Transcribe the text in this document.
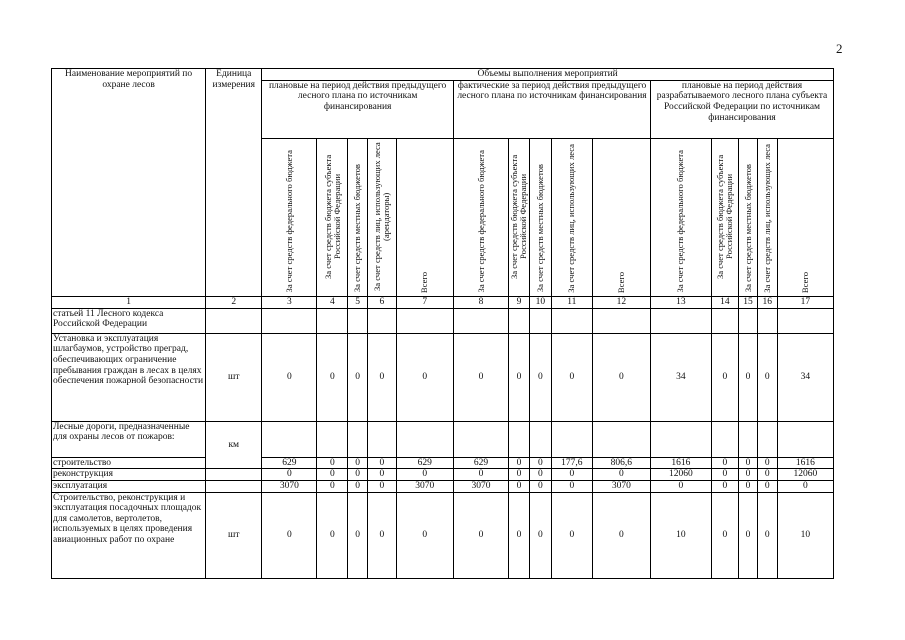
2
Наименование мероприятий по охране лесов	Единица измерения	Объемы выполнения мероприятий														
		плановые на период действия предыдущего лесного плана по источникам финансирования					фактические за период действия предыдущего лесного плана по источникам финансирования					плановые на период действия разрабатываемого лесного плана субъекта Российской Федерации по источникам финансирования				

		За счет средств федерального бюджета	За счет средств бюджета субъекта Российской Федерации	За счет средств местных бюджетов	За счет средств лиц, использующих леса (арендаторы)	Всего	За счет средств федерального бюджета	За счет средств бюджета субъекта Российской Федерации	За счет средств местных бюджетов	За счет средств лиц, использующих леса	Всего	За счет средств федерального бюджета	За счет средств бюджета субъекта Российской Федерации	За счет средств местных бюджетов	За счет средств лиц, использующих леса	Всего

1	2	3	4	5	6	7	8	9	10	11	12	13	14	15	16	17
статьей 11 Лесного кодекса Российской Федерации																
Установка и эксплуатация шлагбаумов, устройство преград, обеспечивающих ограничение пребывания граждан в лесах в целях обеспечения пожарной безопасности	шт	0	0	0	0	0	0	0	0	0	0	34	0	0	0	34
Лесные дороги, предназначенные для охраны лесов от пожаров:	км															
строительство		629	0	0	0	629	629	0	0	177,6	806,6	1616	0	0	0	1616
реконструкция		0	0	0	0	0	0	0	0	0	0	12060	0	0	0	12060
эксплуатация		3070	0	0	0	3070	3070	0	0	0	3070	0	0	0	0	0
Строительство, реконструкция и эксплуатация посадочных площадок для самолетов, вертолетов, используемых в целях проведения авиационных работ по охране	шт	0	0	0	0	0	0	0	0	0	0	10	0	0	0	10
